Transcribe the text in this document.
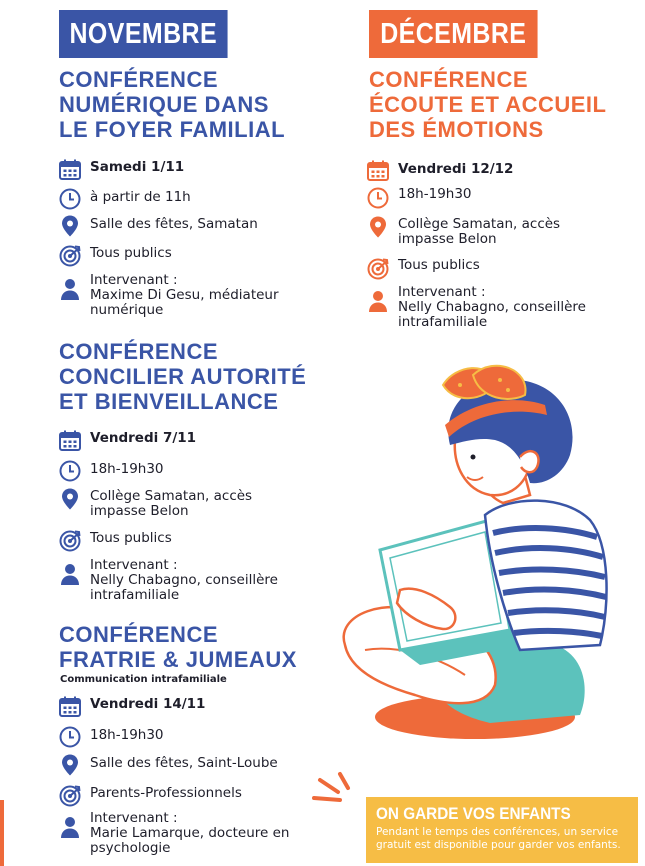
NOVEMBRE	DÉCEMBRE
CONFÉRENCE
NUMÉRIQUE DANS
LE FOYER FAMILIAL
Samedi 1/11
à partir de 11h
Salle des fêtes, Samatan
Tous publics
Intervenant :
Maxime Di Gesu, médiateur
numérique
CONFÉRENCE
CONCILIER AUTORITÉ
ET BIENVEILLANCE
Vendredi 7/11
18h-19h30
Collège Samatan, accès
impasse Belon
Tous publics
Intervenant :
Nelly Chabagno, conseillère
intrafamiliale
CONFÉRENCE
FRATRIE & JUMEAUX
Communication intrafamiliale
Vendredi 14/11
18h-19h30
Salle des fêtes, Saint-Loube
Parents-Professionnels
Intervenant :
Marie Lamarque, docteure en
psychologie
CONFÉRENCE
ÉCOUTE ET ACCUEIL
DES ÉMOTIONS
Vendredi 12/12
18h-19h30
Collège Samatan, accès
impasse Belon
Tous publics
Intervenant :
Nelly Chabagno, conseillère
intrafamiliale
ON GARDE VOS ENFANTS
Pendant le temps des conférences, un service
gratuit est disponible pour garder vos enfants.
